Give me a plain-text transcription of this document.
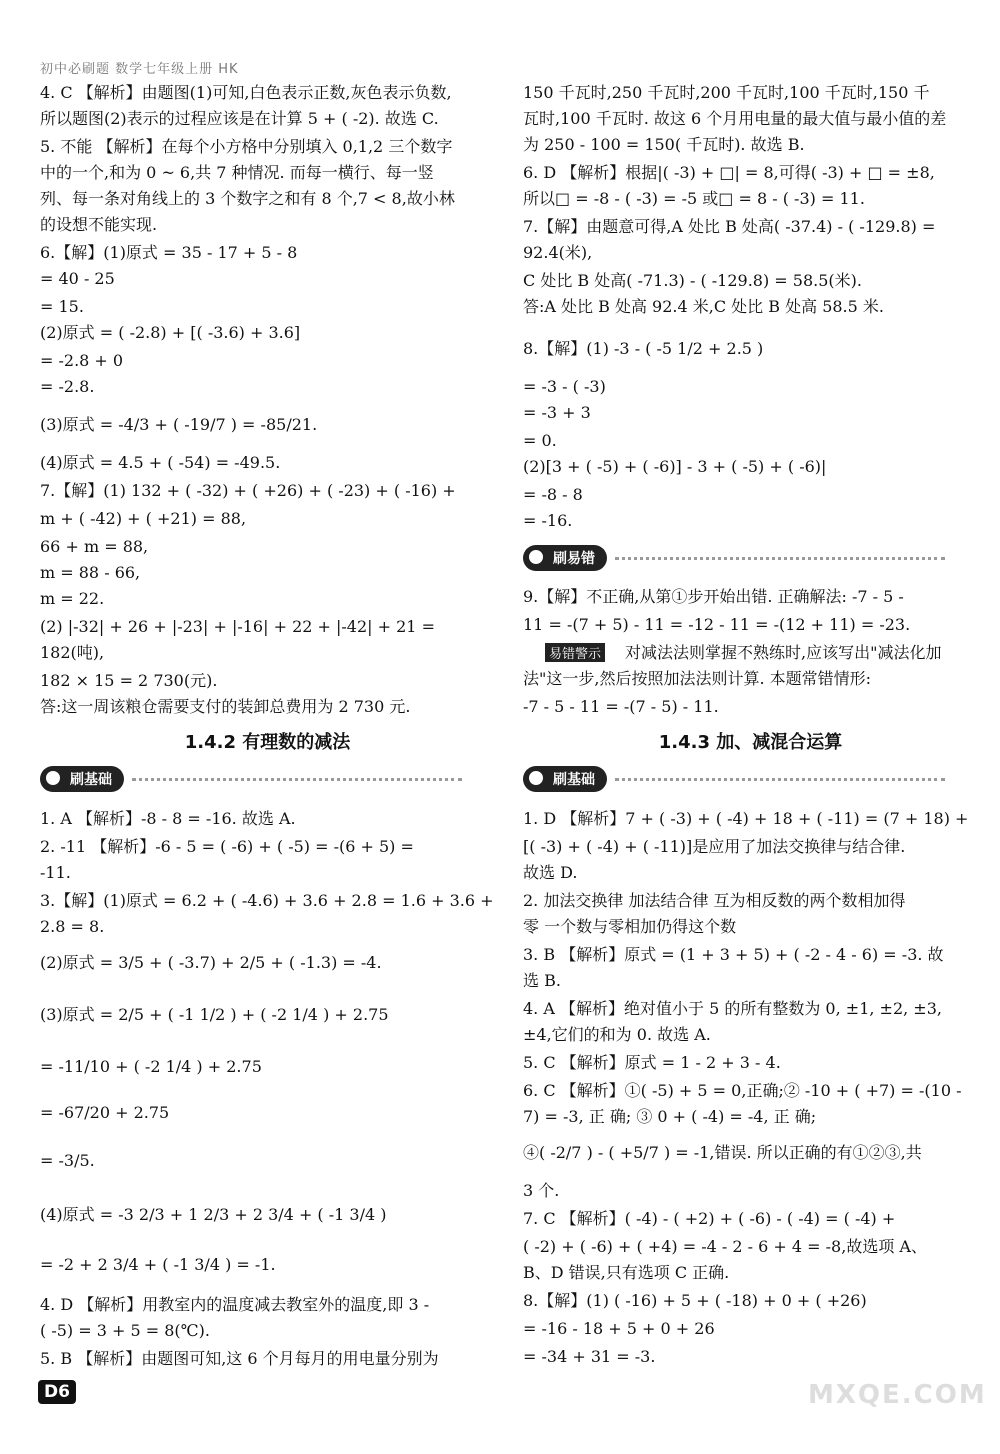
初中必刷题 数学七年级上册 HK
4. C 【解析】由题图(1)可知,白色表示正数,灰色表示负数,
所以题图(2)表示的过程应该是在计算 5 + ( -2). 故选 C.
5. 不能 【解析】在每个小方格中分别填入 0,1,2 三个数字
中的一个,和为 0 ~ 6,共 7 种情况. 而每一横行、每一竖
列、每一条对角线上的 3 个数字之和有 8 个,7 < 8,故小林
的设想不能实现.
6.【解】(1)原式 = 35 - 17 + 5 - 8
= 40 - 25
= 15.
(2)原式 = ( -2.8) + [( -3.6) + 3.6]
= -2.8 + 0
= -2.8.
(3)原式 = -4/3 + ( -19/7 ) = -85/21.
(4)原式 = 4.5 + ( -54) = -49.5.
7.【解】(1) 132 + ( -32) + ( +26) + ( -23) + ( -16) +
m + ( -42) + ( +21) = 88,
66 + m = 88,
m = 88 - 66,
m = 22.
(2) |-32| + 26 + |-23| + |-16| + 22 + |-42| + 21 =
182(吨),
182 × 15 = 2 730(元).
答:这一周该粮仓需要支付的装卸总费用为 2 730 元.
1.4.2 有理数的减法
刷基础
1. A 【解析】-8 - 8 = -16. 故选 A.
2. -11 【解析】-6 - 5 = ( -6) + ( -5) = -(6 + 5) =
-11.
3.【解】(1)原式 = 6.2 + ( -4.6) + 3.6 + 2.8 = 1.6 + 3.6 +
2.8 = 8.
(2)原式 = 3/5 + ( -3.7) + 2/5 + ( -1.3) = -4.
(3)原式 = 2/5 + ( -1 1/2 ) + ( -2 1/4 ) + 2.75
= -11/10 + ( -2 1/4 ) + 2.75
= -67/20 + 2.75
= -3/5.
(4)原式 = -3 2/3 + 1 2/3 + 2 3/4 + ( -1 3/4 )
= -2 + 2 3/4 + ( -1 3/4 ) = -1.
4. D 【解析】用教室内的温度减去教室外的温度,即 3 -
( -5) = 3 + 5 = 8(℃).
5. B 【解析】由题图可知,这 6 个月每月的用电量分别为
150 千瓦时,250 千瓦时,200 千瓦时,100 千瓦时,150 千
瓦时,100 千瓦时. 故这 6 个月用电量的最大值与最小值的差
为 250 - 100 = 150( 千瓦时). 故选 B.
6. D 【解析】根据|( -3) + □| = 8,可得( -3) + □ = ±8,
所以□ = -8 - ( -3) = -5 或□ = 8 - ( -3) = 11.
7.【解】由题意可得,A 处比 B 处高( -37.4) - ( -129.8) =
92.4(米),
C 处比 B 处高( -71.3) - ( -129.8) = 58.5(米).
答:A 处比 B 处高 92.4 米,C 处比 B 处高 58.5 米.
8.【解】(1) -3 - ( -5 1/2 + 2.5 )
= -3 - ( -3)
= -3 + 3
= 0.
(2)[3 + ( -5) + ( -6)] - 3 + ( -5) + ( -6)|
= -8 - 8
= -16.
刷易错
9.【解】不正确,从第①步开始出错. 正确解法: -7 - 5 -
11 = -(7 + 5) - 11 = -12 - 11 = -(12 + 11) = -23.
对减法法则掌握不熟练时,应该写出"减法化加
法"这一步,然后按照加法法则计算. 本题常错情形:
-7 - 5 - 11 = -(7 - 5) - 11.
易错警示
1.4.3 加、减混合运算
刷基础
1. D 【解析】7 + ( -3) + ( -4) + 18 + ( -11) = (7 + 18) +
[( -3) + ( -4) + ( -11)]是应用了加法交换律与结合律.
故选 D.
2. 加法交换律 加法结合律 互为相反数的两个数相加得
零 一个数与零相加仍得这个数
3. B 【解析】原式 = (1 + 3 + 5) + ( -2 - 4 - 6) = -3. 故
选 B.
4. A 【解析】绝对值小于 5 的所有整数为 0, ±1, ±2, ±3,
±4,它们的和为 0. 故选 A.
5. C 【解析】原式 = 1 - 2 + 3 - 4.
6. C 【解析】①( -5) + 5 = 0,正确;② -10 + ( +7) = -(10 -
7) = -3, 正 确; ③ 0 + ( -4) = -4, 正 确;
④( -2/7 ) - ( +5/7 ) = -1,错误. 所以正确的有①②③,共
3 个.
7. C 【解析】( -4) - ( +2) + ( -6) - ( -4) = ( -4) +
( -2) + ( -6) + ( +4) = -4 - 2 - 6 + 4 = -8,故选项 A、
B、D 错误,只有选项 C 正确.
8.【解】(1) ( -16) + 5 + ( -18) + 0 + ( +26)
= -16 - 18 + 5 + 0 + 26
= -34 + 31 = -3.
D6	MXQE.COM
